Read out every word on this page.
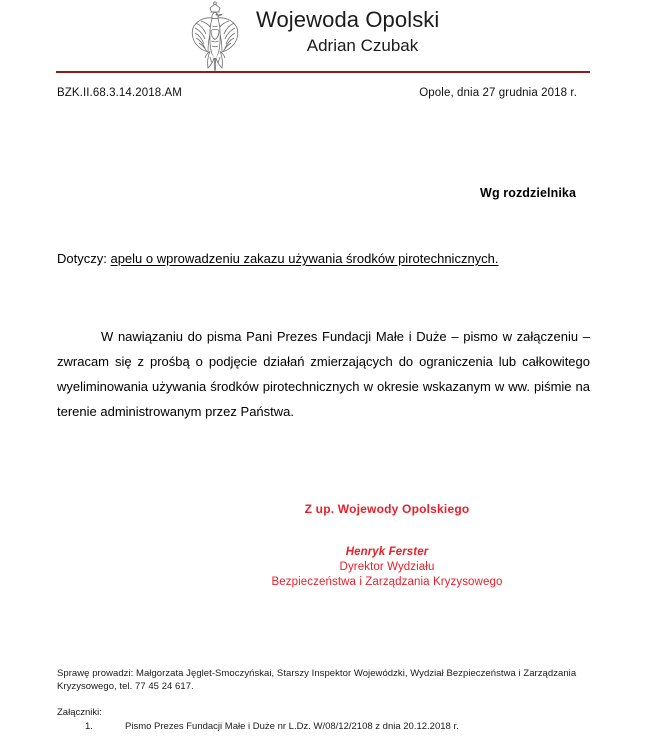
Wojewoda Opolski
Adrian Czubak
BZK.II.68.3.14.2018.AM	Opole, dnia 27 grudnia 2018 r.
Wg rozdzielnika
Dotyczy: apelu o wprowadzeniu zakazu używania środków pirotechnicznych.

W nawiązaniu do pisma Pani Prezes Fundacji Małe i Duże – pismo w załączeniu – zwracam się z prośbą o podjęcie działań zmierzających do ograniczenia lub całkowitego wyeliminowania używania środków pirotechnicznych w okresie wskazanym w ww. piśmie na terenie administrowanym przez Państwa.

Z up. Wojewody Opolskiego
Henryk Ferster
Dyrektor Wydziału
Bezpieczeństwa i Zarządzania Kryzysowego
Sprawę prowadzi: Małgorzata Jęglet-Smoczyńskai, Starszy Inspektor Wojewódzki, Wydział Bezpieczeństwa i Zarządzania Kryzysowego, tel. 77 45 24 617.
Załączniki:
1.	Pismo Prezes Fundacji Małe i Duże nr L.Dz. W/08/12/2108 z dnia 20.12.2018 r.
